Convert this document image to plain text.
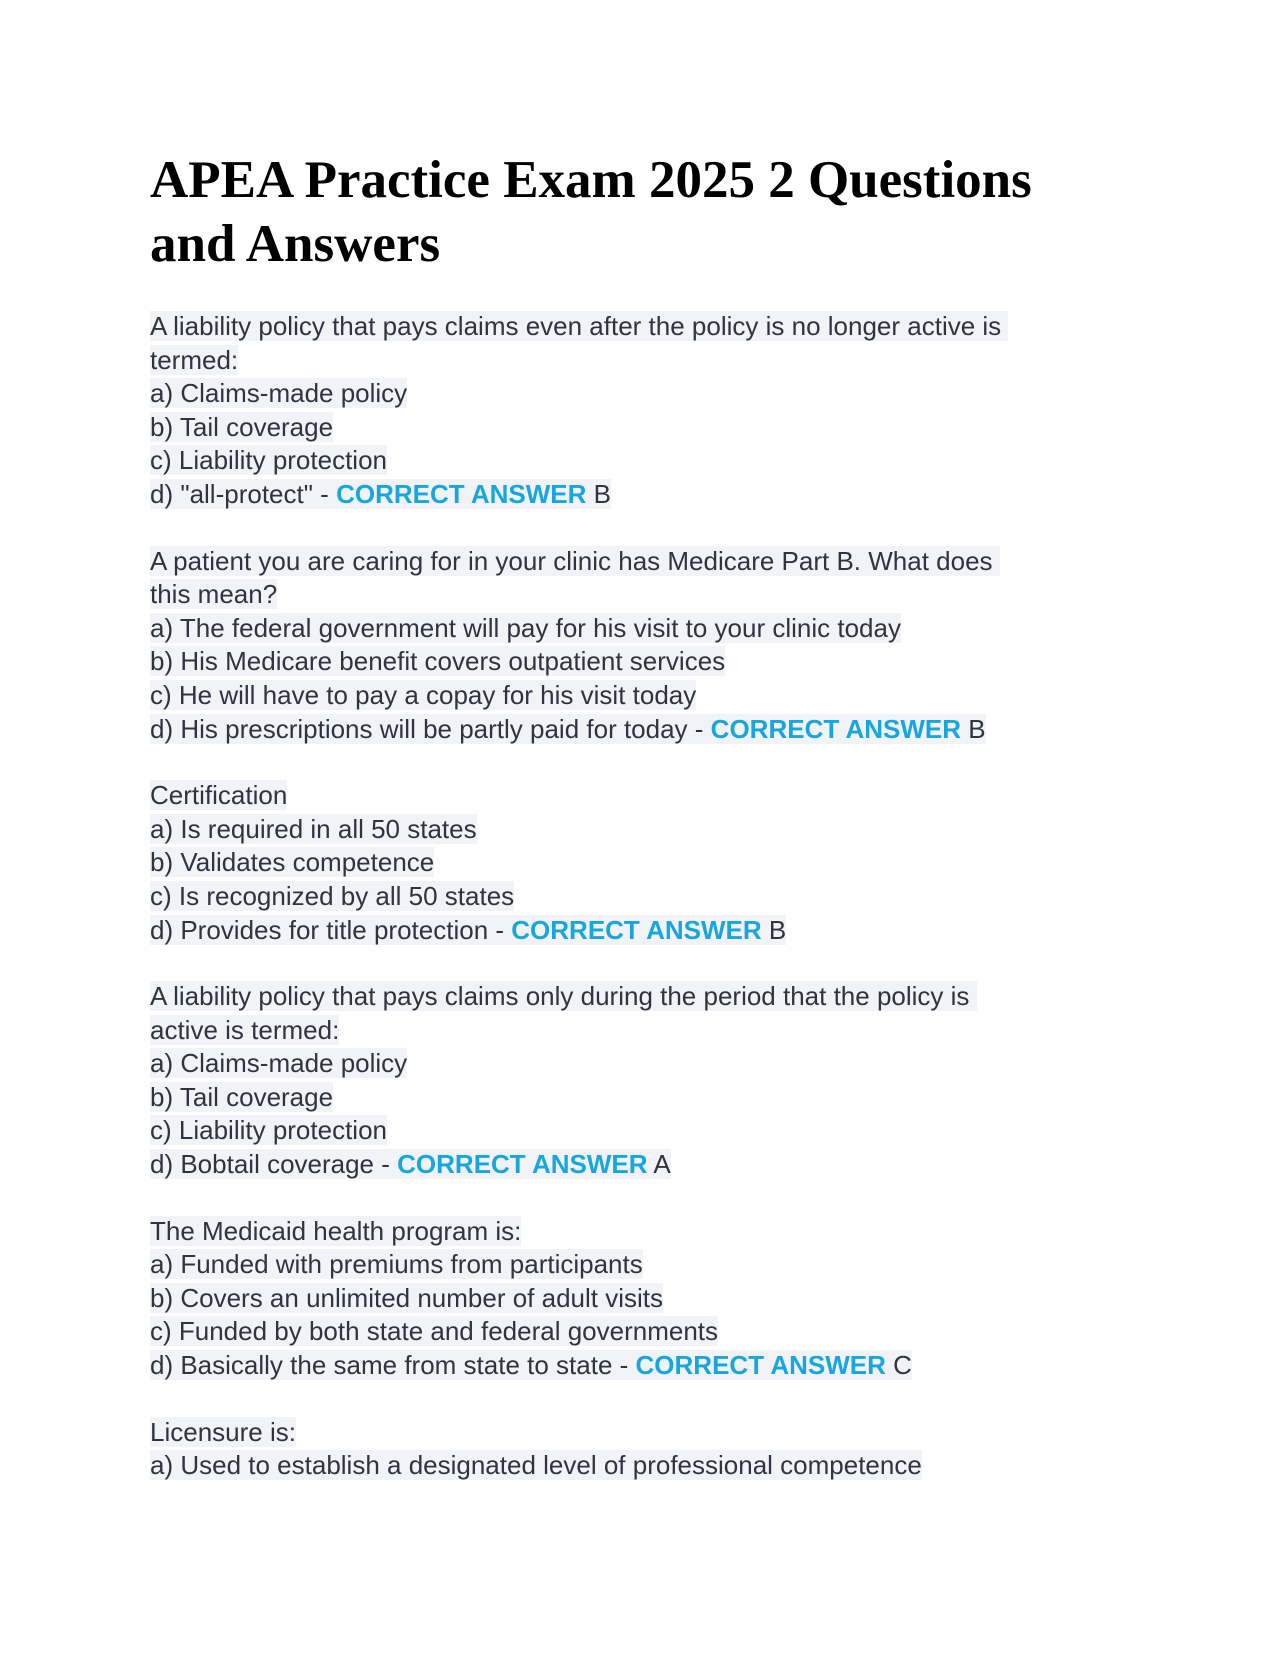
APEA Practice Exam 2025 2 Questions and Answers
A liability policy that pays claims even after the policy is no longer active is
termed:
a) Claims-made policy
b) Tail coverage
c) Liability protection
d) "all-protect" - CORRECT ANSWER B
A patient you are caring for in your clinic has Medicare Part B. What does
this mean?
a) The federal government will pay for his visit to your clinic today
b) His Medicare benefit covers outpatient services
c) He will have to pay a copay for his visit today
d) His prescriptions will be partly paid for today - CORRECT ANSWER B
Certification
a) Is required in all 50 states
b) Validates competence
c) Is recognized by all 50 states
d) Provides for title protection - CORRECT ANSWER B
A liability policy that pays claims only during the period that the policy is
active is termed:
a) Claims-made policy
b) Tail coverage
c) Liability protection
d) Bobtail coverage - CORRECT ANSWER A
The Medicaid health program is:
a) Funded with premiums from participants
b) Covers an unlimited number of adult visits
c) Funded by both state and federal governments
d) Basically the same from state to state - CORRECT ANSWER C
Licensure is:
a) Used to establish a designated level of professional competence
